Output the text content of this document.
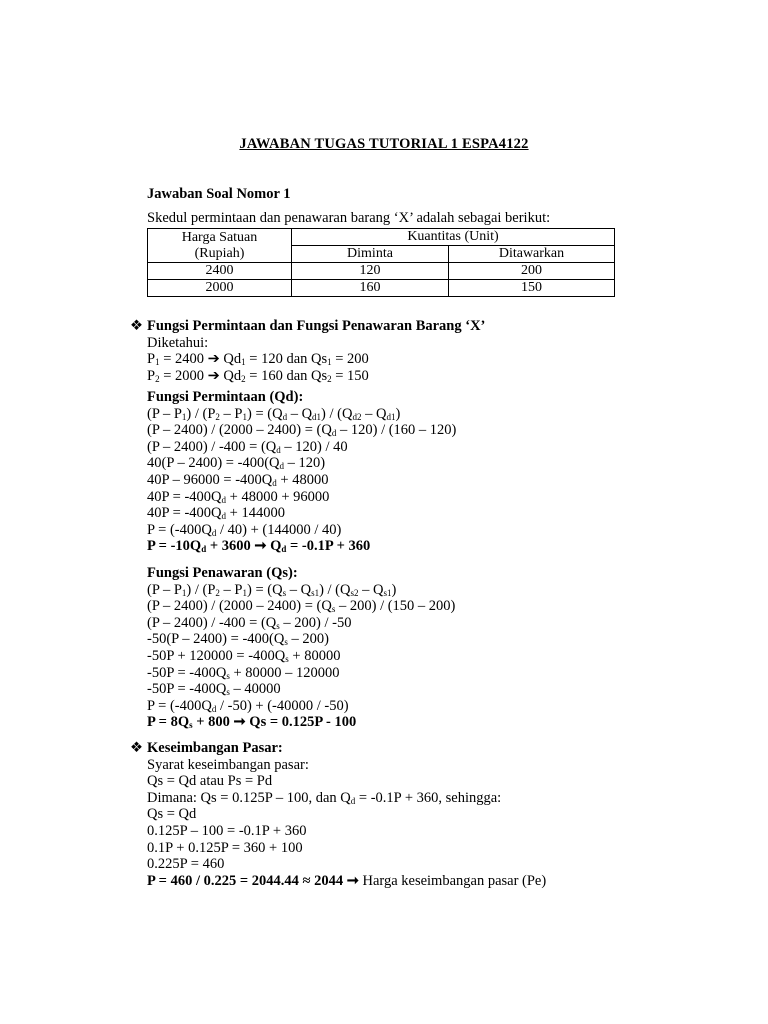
JAWABAN TUGAS TUTORIAL 1 ESPA4122
Jawaban Soal Nomor 1
Skedul permintaan dan penawaran barang ‘X’ adalah sebagai berikut:
Harga Satuan
(Rupiah)	Kuantitas (Unit)	
	Diminta	Ditawarkan
2400	120	200
2000	160	150
❖ Fungsi Permintaan dan Fungsi Penawaran Barang ‘X’
Diketahui:
$P_1 = 2400$ ➔ $Qd_1 = 120$ dan $Qs_1 = 200$
$P_2 = 2000$ ➔ $Qd_2 = 160$ dan $Qs_2 = 150$
Fungsi Permintaan (Qd):
$(P - P_1) / (P_2 - P_1) = (Q_d - Q_{d1}) / (Q_{d2} - Q_{d1})$
$(P - 2400) / (2000 - 2400) = (Q_d - 120) / (160 - 120)$
$(P - 2400) / -400 = (Q_d - 120) / 40$
$40(P - 2400) = -400(Q_d - 120)$
$40P - 96000 = -400Q_d + 48000$
$40P = -400Q_d + 48000 + 96000$
$40P = -400Q_d + 144000$
$P = (-400Q_d / 40) + (144000 / 40)$
$P = -10Q_d + 3600$ ➞ $Q_d = -0.1P + 360$
Fungsi Penawaran (Qs):
$(P - P_1) / (P_2 - P_1) = (Q_s - Q_{s1}) / (Q_{s2} - Q_{s1})$
$(P - 2400) / (2000 - 2400) = (Q_s - 200) / (150 - 200)$
$(P - 2400) / -400 = (Q_s - 200) / -50$
$-50(P - 2400) = -400(Q_s - 200)$
$-50P + 120000 = -400Q_s + 80000$
$-50P = -400Q_s + 80000 - 120000$
$-50P = -400Q_s - 40000$
$P = (-400Q_d / -50) + (-40000 / -50)$
$P = 8Q_s + 800$ ➞ Qs = 0.125P - 100
❖ Keseimbangan Pasar:
Syarat keseimbangan pasar:
Qs = Qd atau Ps = Pd
Dimana: Qs = 0.125P – 100, dan $Q_d = -0.1P + 360$, sehingga:
Qs = Qd
0.125P – 100 = -0.1P + 360
0.1P + 0.125P = 360 + 100
0.225P = 460
P = 460 / 0.225 = 2044.44 ≈ 2044 ➞ Harga keseimbangan pasar (Pe)
